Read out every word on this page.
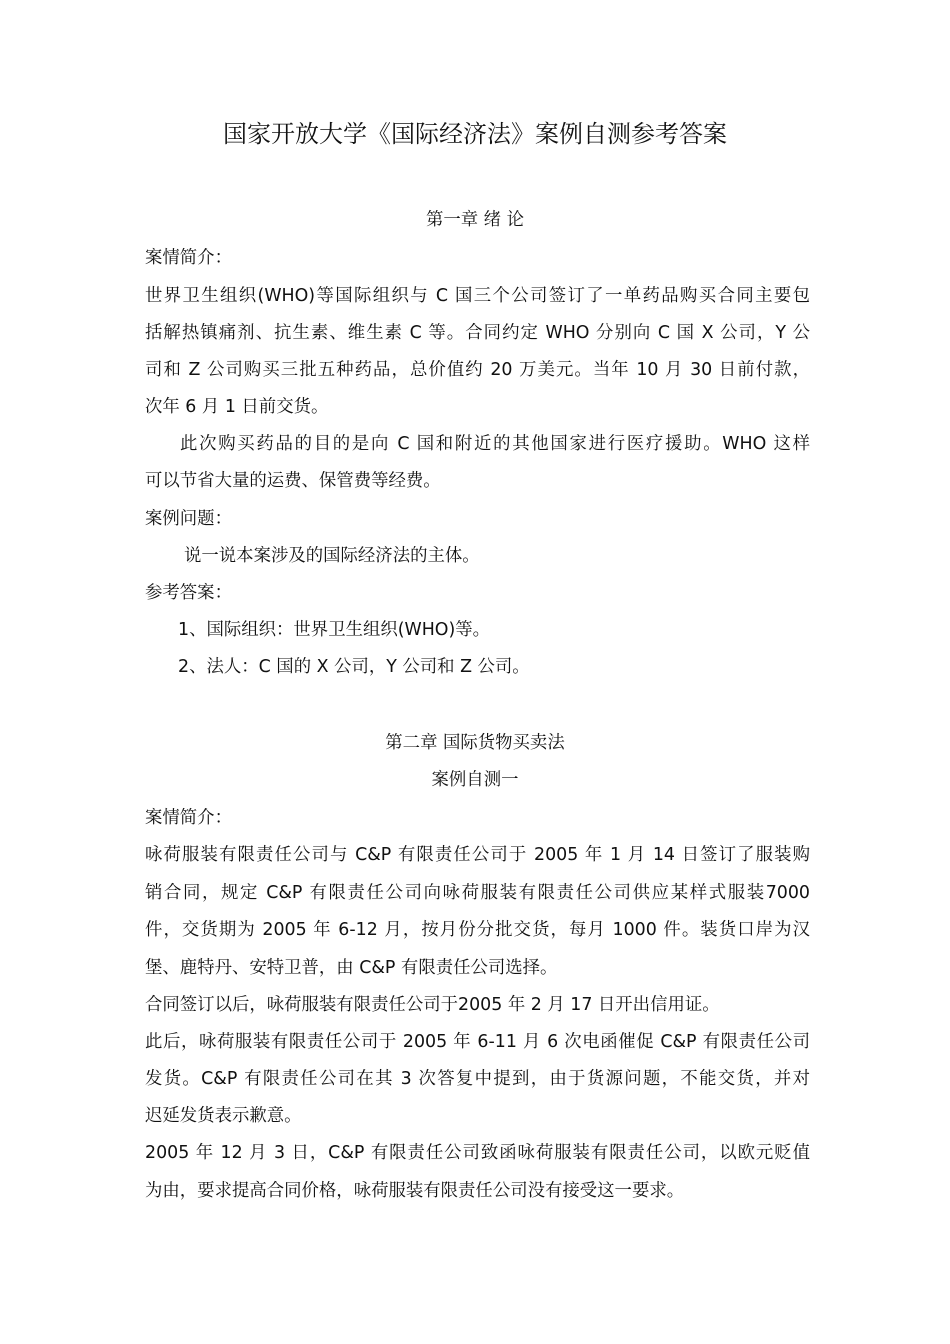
国家开放大学《国际经济法》案例自测参考答案
第一章 绪 论
案情简介：
世界卫生组织(WHO)等国际组织与 C 国三个公司签订了一单药品购买合同主要包
括解热镇痛剂、抗生素、维生素 C 等。合同约定 WHO 分别向 C 国 X 公司，Y 公
司和 Z 公司购买三批五种药品，总价值约 20 万美元。当年 10 月 30 日前付款，
次年 6 月 1 日前交货。
此次购买药品的目的是向 C 国和附近的其他国家进行医疗援助。WHO 这样
可以节省大量的运费、保管费等经费。
案例问题：
说一说本案涉及的国际经济法的主体。
参考答案：
1、国际组织：世界卫生组织(WHO)等。
2、法人：C 国的 X 公司，Y 公司和 Z 公司。
第二章 国际货物买卖法
案例自测一
案情简介：
咏荷服装有限责任公司与 C&P 有限责任公司于 2005 年 1 月 14 日签订了服装购
销合同，规定 C&P 有限责任公司向咏荷服装有限责任公司供应某样式服装7000
件，交货期为 2005 年 6-12 月，按月份分批交货，每月 1000 件。装货口岸为汉
堡、鹿特丹、安特卫普，由 C&P 有限责任公司选择。
合同签订以后，咏荷服装有限责任公司于2005 年 2 月 17 日开出信用证。
此后，咏荷服装有限责任公司于 2005 年 6-11 月 6 次电函催促 C&P 有限责任公司
发货。C&P 有限责任公司在其 3 次答复中提到，由于货源问题，不能交货，并对
迟延发货表示歉意。
2005 年 12 月 3 日，C&P 有限责任公司致函咏荷服装有限责任公司，以欧元贬值
为由，要求提高合同价格，咏荷服装有限责任公司没有接受这一要求。
